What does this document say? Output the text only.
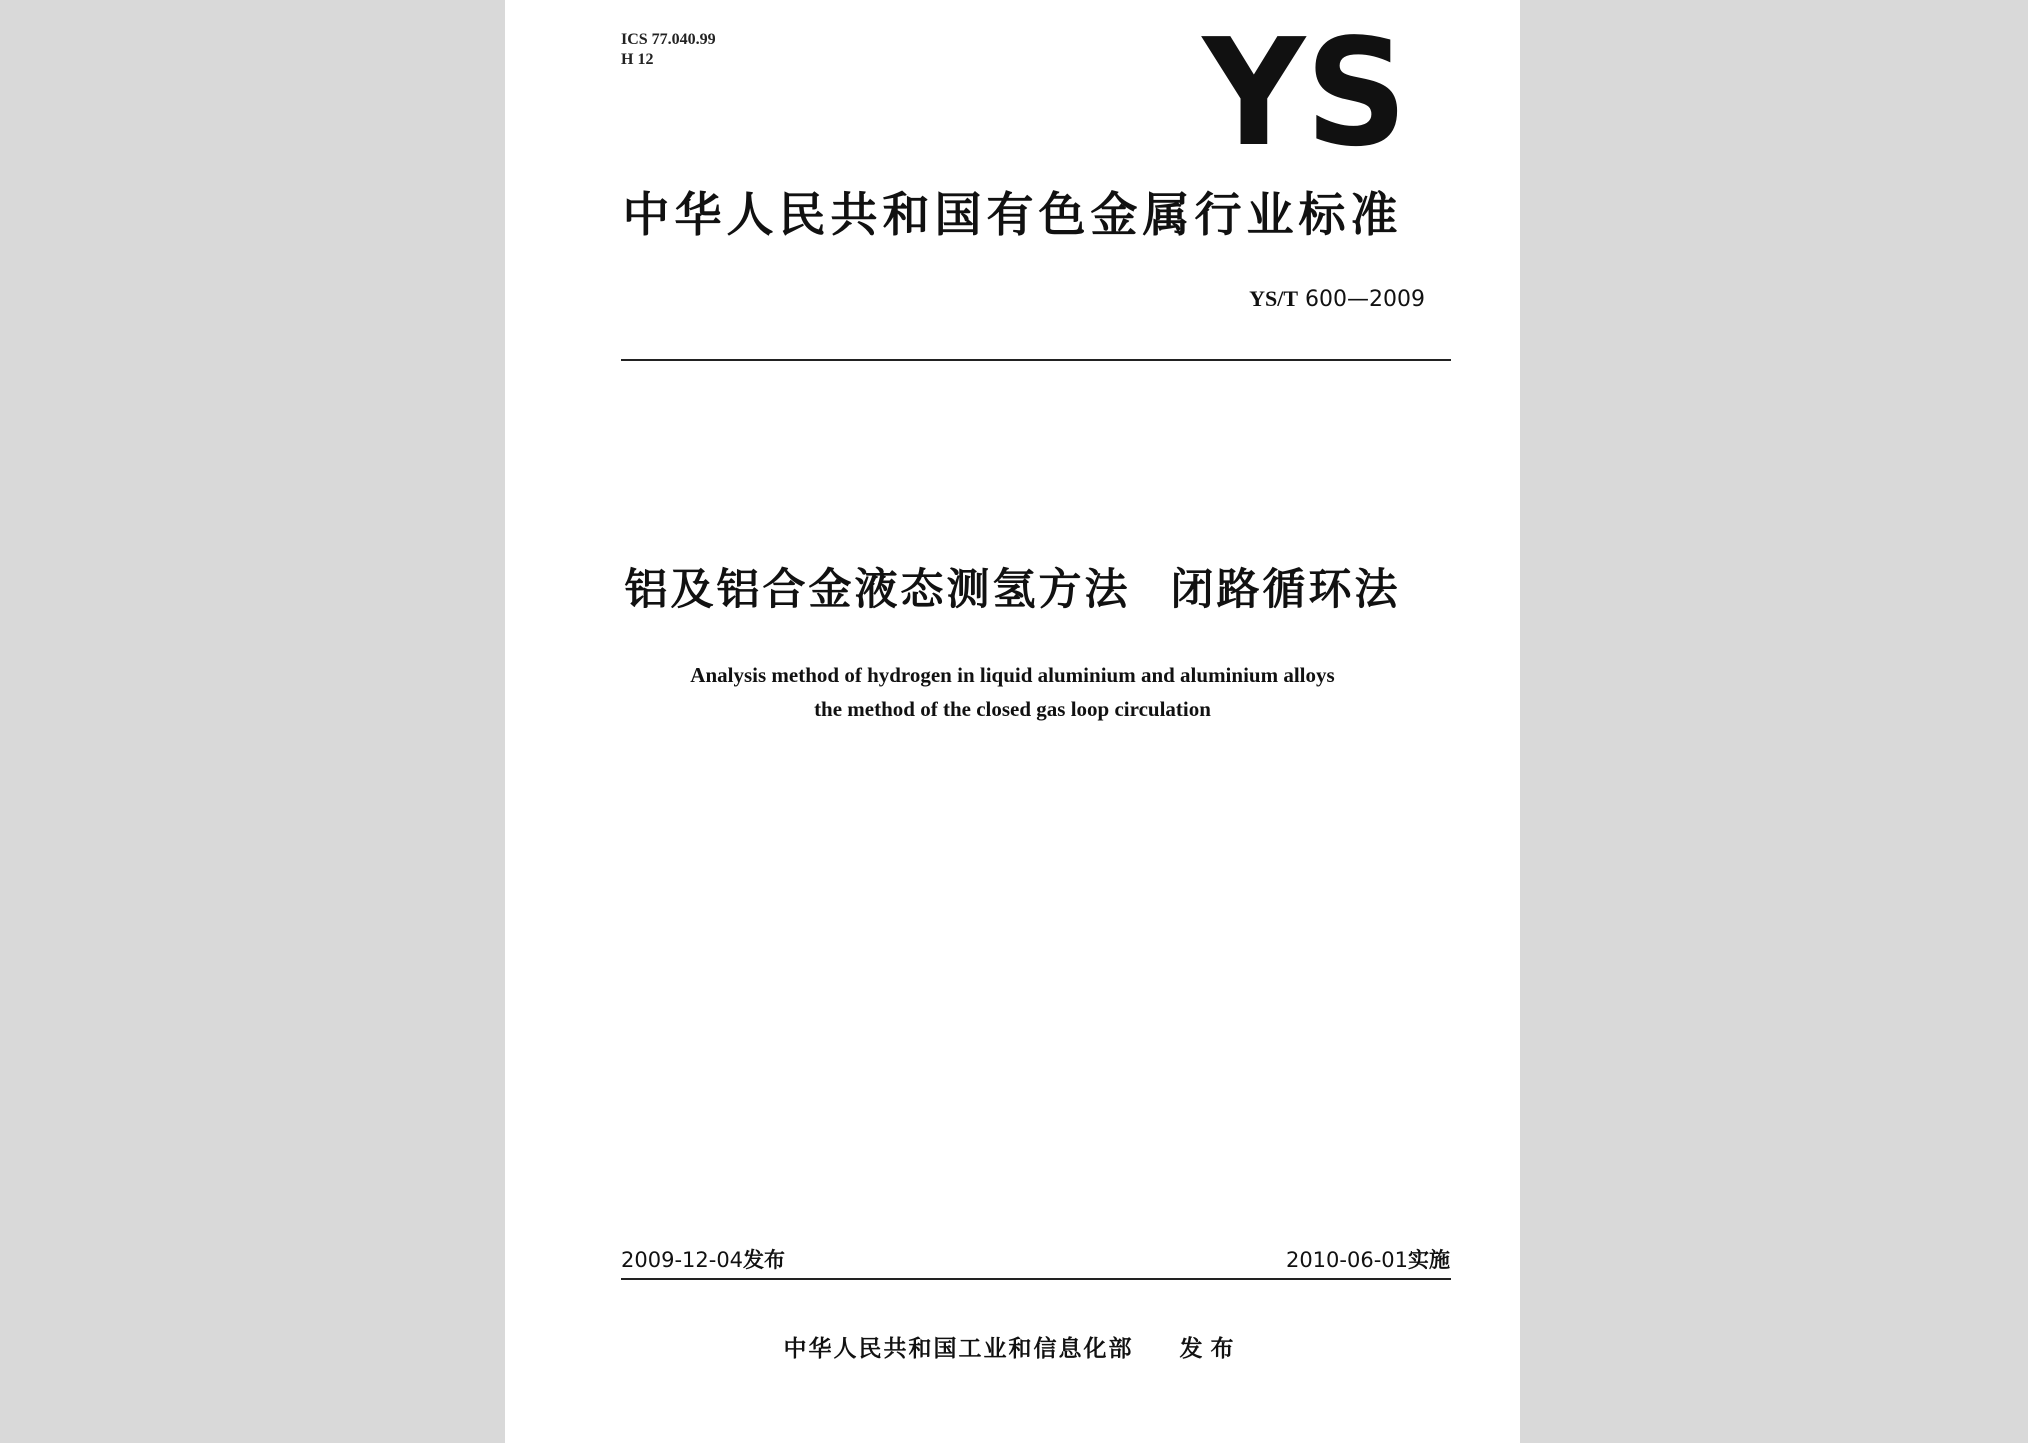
ICS 77.040.99
H 12	YS
中华人民共和国有色金属行业标准
YS/T 600—2009
铝及铝合金液态测氢方法 闭路循环法
Analysis method of hydrogen in liquid aluminium and aluminium alloys
the method of the closed gas loop circulation
2009-12-04发布	2010-06-01实施
中华人民共和国工业和信息化部 发布
